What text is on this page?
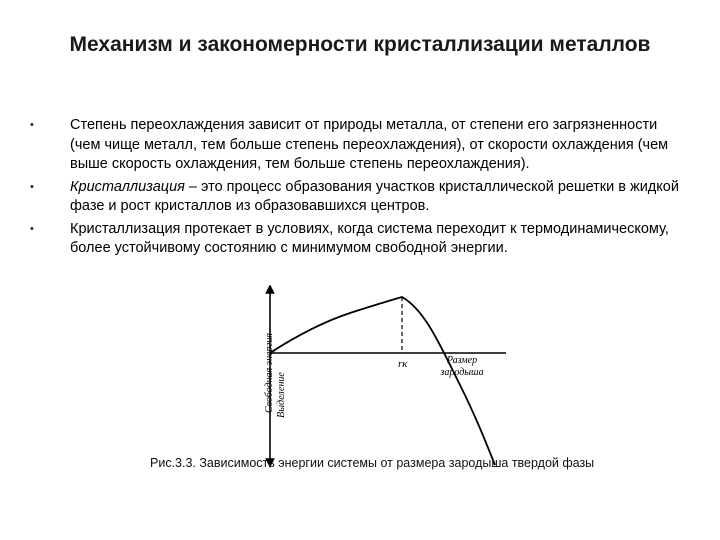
Механизм и закономерности кристаллизации металлов
•	Степень переохлаждения зависит от природы металла, от степени его загрязненности (чем чище металл, тем больше степень переохлаждения), от скорости охлаждения (чем выше скорость охлаждения, тем больше степень переохлаждения).
•	Кристаллизация – это процесс образования участков кристаллической решетки в жидкой фазе и рост кристаллов из образовавшихся центров.
•	Кристаллизация протекает в условиях, когда система переходит к термодинамическому, более устойчивому состоянию с минимумом свободной энергии.
Свободная энергия Выделение
rк	Размер
зародыша
Рис.3.3. Зависимость энергии системы от размера зародыша твердой фазы
